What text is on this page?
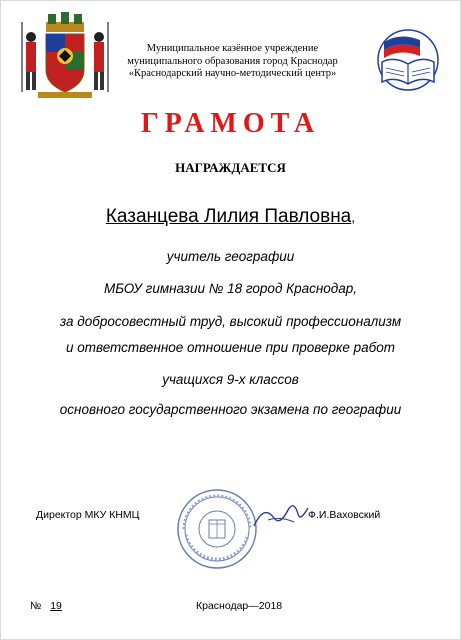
Муниципальное казённое учреждение
муниципального образования город Краснодар
«Краснодарский научно-методический центр»
ГРАМОТА
НАГРАЖДАЕТСЯ
Казанцева Лилия Павловна,
учитель географии
МБОУ гимназии № 18 город Краснодар,
за добросовестный труд, высокий профессионализм
и ответственное отношение при проверке работ
учащихся 9-х классов
основного государственного экзамена по географии
Директор МКУ КНМЦ	Ф.И.Ваховский
№ 19	Краснодар—2018
